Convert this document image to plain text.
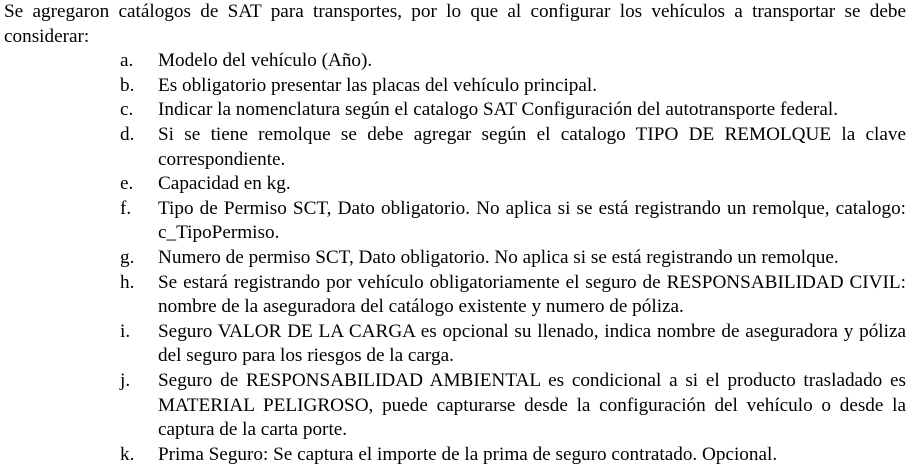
Se agregaron catálogos de SAT para transportes, por lo que al configurar los vehículos a transportar se debe considerar:

a. Modelo del vehículo (Año).
b. Es obligatorio presentar las placas del vehículo principal.
c. Indicar la nomenclatura según el catalogo SAT Configuración del autotransporte federal.
d. Si se tiene remolque se debe agregar según el catalogo TIPO DE REMOLQUE la clave correspondiente.
e. Capacidad en kg.
f. Tipo de Permiso SCT, Dato obligatorio. No aplica si se está registrando un remolque, catalogo: c_TipoPermiso.
g. Numero de permiso SCT, Dato obligatorio. No aplica si se está registrando un remolque.
h. Se estará registrando por vehículo obligatoriamente el seguro de RESPONSABILIDAD CIVIL: nombre de la aseguradora del catálogo existente y numero de póliza.
i. Seguro VALOR DE LA CARGA es opcional su llenado, indica nombre de aseguradora y póliza del seguro para los riesgos de la carga.
j. Seguro de RESPONSABILIDAD AMBIENTAL es condicional a si el producto trasladado es MATERIAL PELIGROSO, puede capturarse desde la configuración del vehículo o desde la captura de la carta porte.
k. Prima Seguro: Se captura el importe de la prima de seguro contratado. Opcional.
